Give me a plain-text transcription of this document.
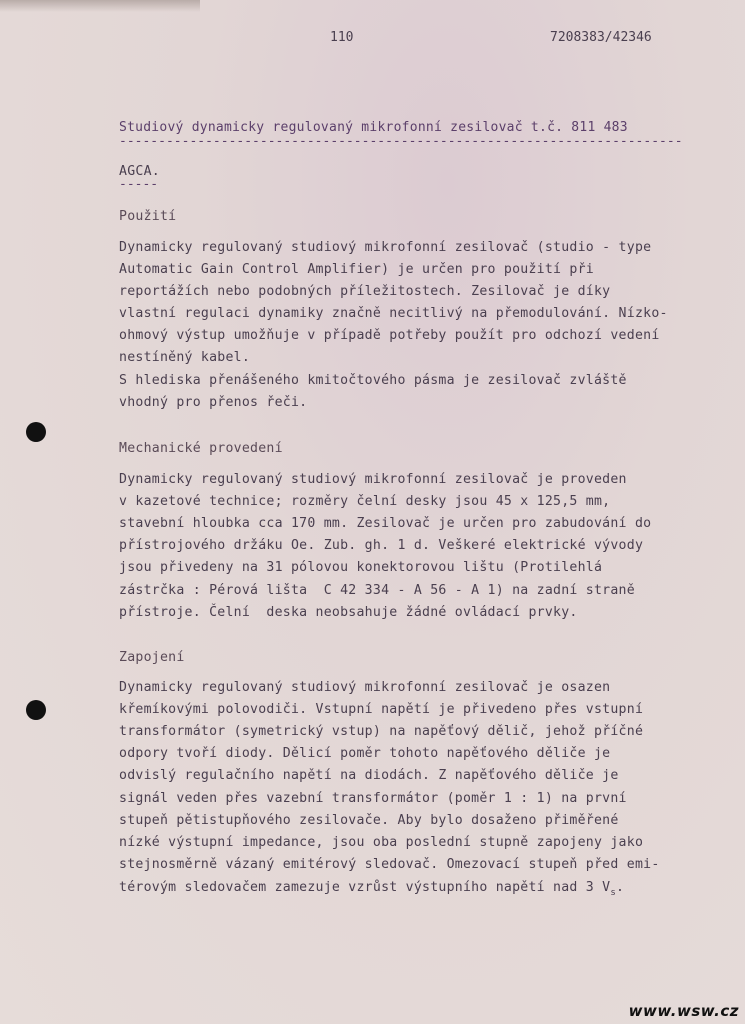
110	7208383/42346
Studiový dynamicky regulovaný mikrofonní zesilovač t.č. 811 483
------------------------------------------------------------------------
AGCA.
-----
Použití
Dynamicky regulovaný studiový mikrofonní zesilovač (studio - type
Automatic Gain Control Amplifier) je určen pro použití při
reportážích nebo podobných příležitostech. Zesilovač je díky
vlastní regulaci dynamiky značně necitlivý na přemodulování. Nízko-
ohmový výstup umožňuje v případě potřeby použít pro odchozí vedení
nestíněný kabel.
S hlediska přenášeného kmitočtového pásma je zesilovač zvláště
vhodný pro přenos řeči.
Mechanické provedení
Dynamicky regulovaný studiový mikrofonní zesilovač je proveden
v kazetové technice; rozměry čelní desky jsou 45 x 125,5 mm,
stavební hloubka cca 170 mm. Zesilovač je určen pro zabudování do
přístrojového držáku Oe. Zub. gh. 1 d. Veškeré elektrické vývody
jsou přivedeny na 31 pólovou konektorovou lištu (Protilehlá
zástrčka : Pérová lišta  C 42 334 - A 56 - A 1) na zadní straně
přístroje. Čelní  deska neobsahuje žádné ovládací prvky.
Zapojení
Dynamicky regulovaný studiový mikrofonní zesilovač je osazen
křemíkovými polovodiči. Vstupní napětí je přivedeno přes vstupní
transformátor (symetrický vstup) na napěťový dělič, jehož příčné
odpory tvoří diody. Dělicí poměr tohoto napěťového děliče je
odvislý regulačního napětí na diodách. Z napěťového děliče je
signál veden přes vazební transformátor (poměr 1 : 1) na první
stupeň pětistupňového zesilovače. Aby bylo dosaženo přiměřené
nízké výstupní impedance, jsou oba poslední stupně zapojeny jako
stejnosměrně vázaný emitérový sledovač. Omezovací stupeň před emi-
térovým sledovačem zamezuje vzrůst výstupního napětí nad 3 $V_s$.
www.wsw.cz
